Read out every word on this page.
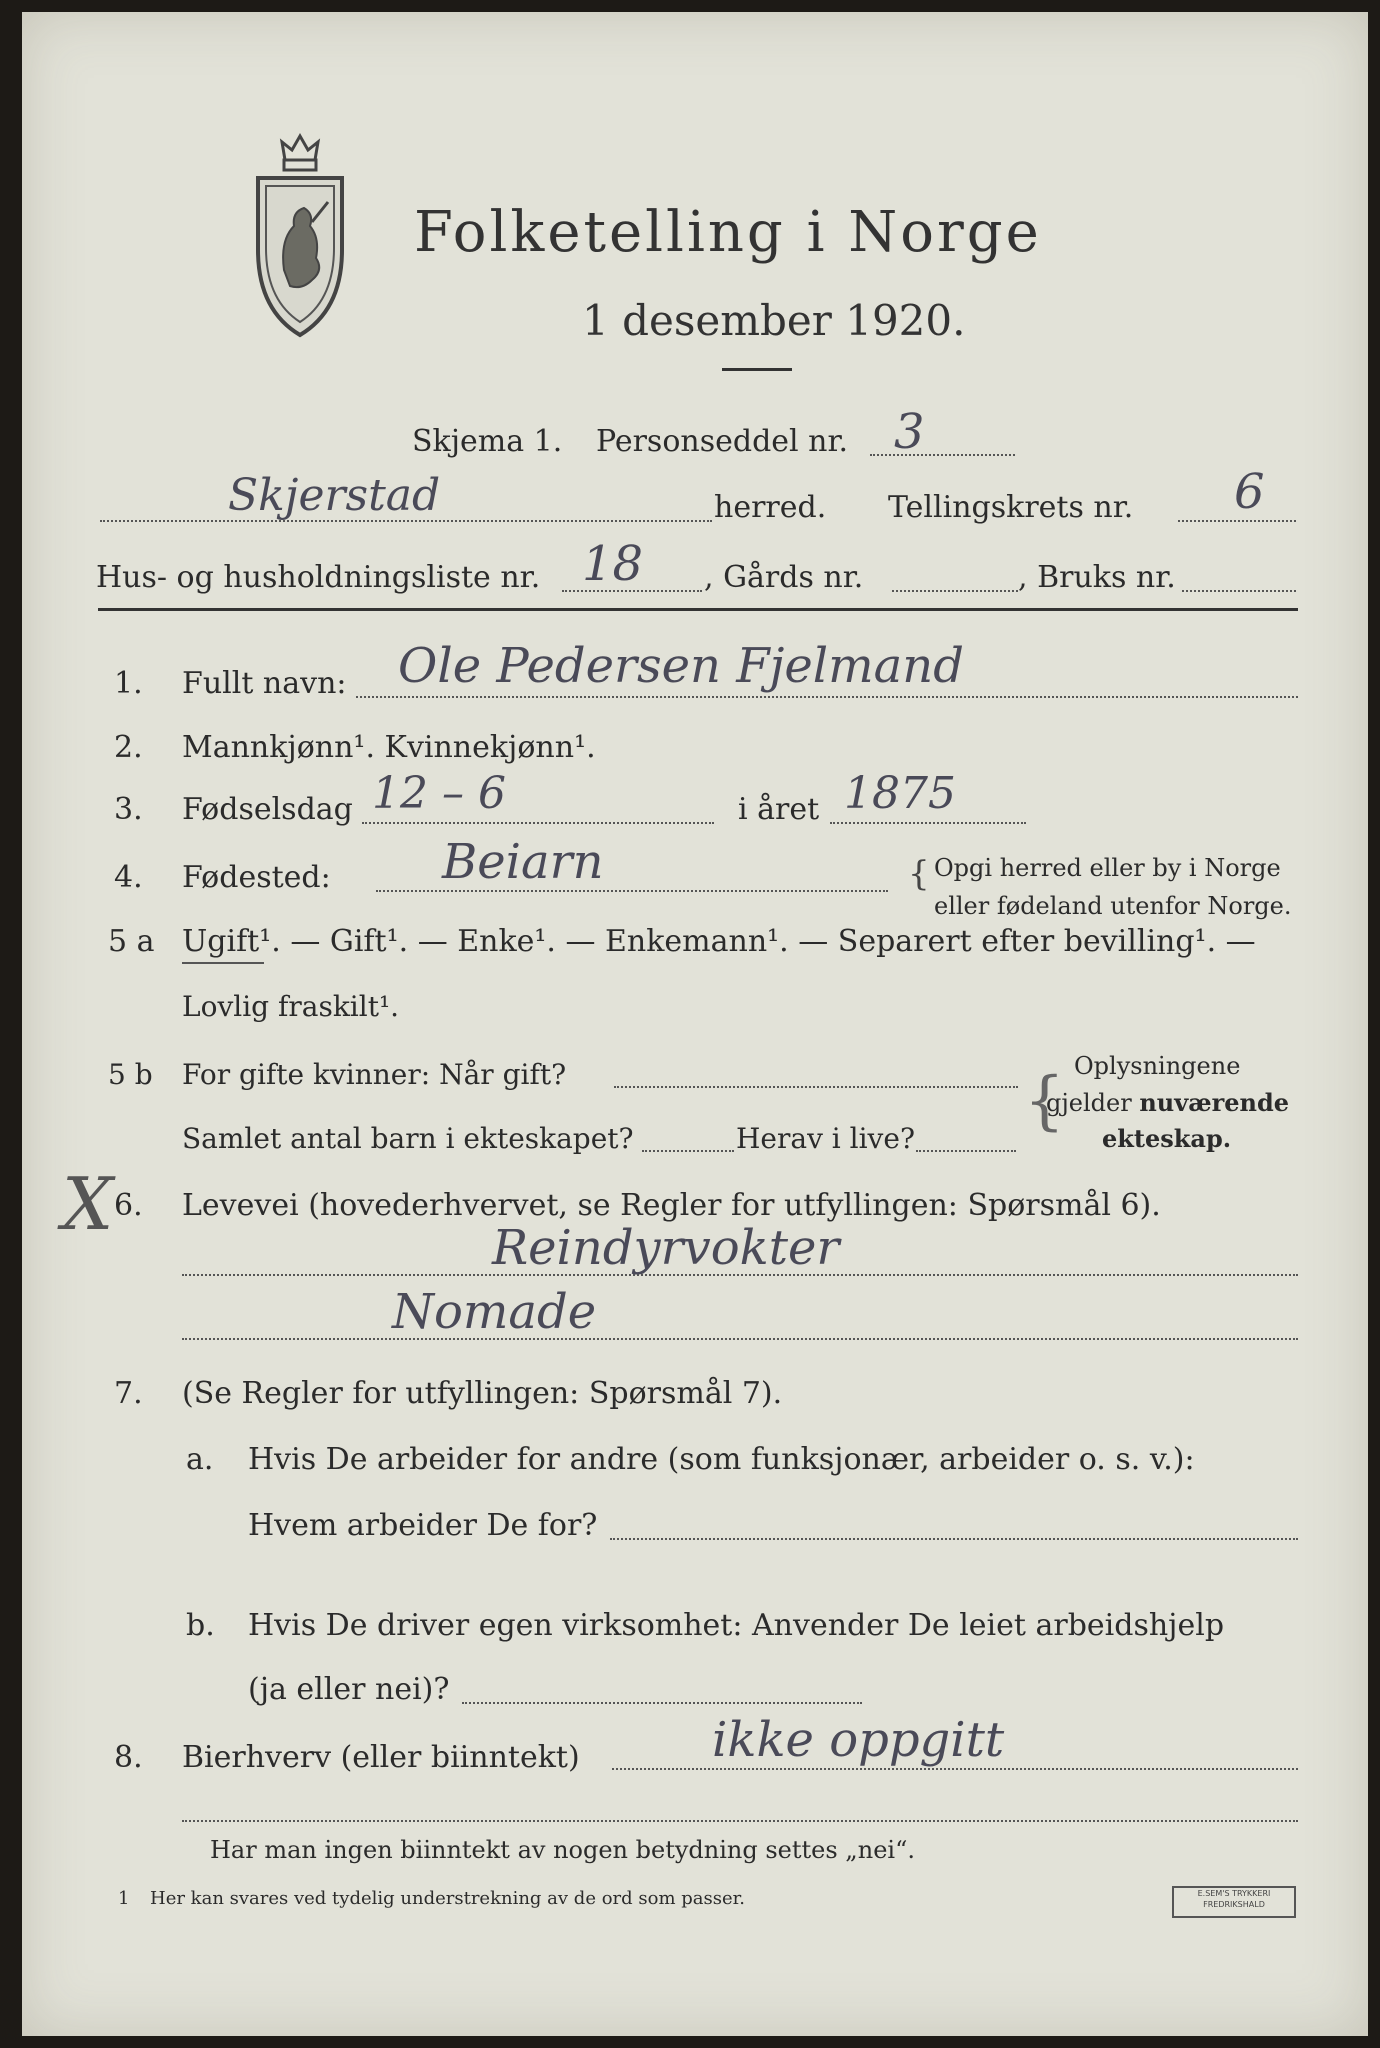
Folketelling i Norge
1 desember 1920.
Skjema 1. Personseddel nr. 3
Skjerstad	herred. Tellingskrets nr. 6
Hus- og husholdningsliste nr. 18 , Gårds nr.	, Bruks nr.
1. Fullt navn: Ole Pedersen Fjelmand
2. Mannkjønn¹. Kvinnekjønn¹.
3. Fødselsdag 12 – 6	i året 1875
4. Fødested: Beiarn	{ Opgi herred eller by i Norge
eller fødeland utenfor Norge.
5 a Ugift¹. — Gift¹. — Enke¹. — Enkemann¹. — Separert efter bevilling¹. —
Lovlig fraskilt¹.
5 b For gifte kvinner: Når gift?
Samlet antal barn i ekteskapet?	Herav i live?
{ Oplysningene
gjelder nuværende
ekteskap.
X 6. Levevei (hovederhvervet, se Regler for utfyllingen: Spørsmål 6).
Reindyrvokter
Nomade
7. (Se Regler for utfyllingen: Spørsmål 7).
a. Hvis De arbeider for andre (som funksjonær, arbeider o. s. v.):
Hvem arbeider De for?
b. Hvis De driver egen virksomhet: Anvender De leiet arbeidshjelp
(ja eller nei)?
8. Bierhverv (eller biinntekt)	ikke oppgitt
Har man ingen biinntekt av nogen betydning settes „nei“.
1 Her kan svares ved tydelig understrekning av de ord som passer.	E.SEM'S TRYKKERI
FREDRIKSHALD
